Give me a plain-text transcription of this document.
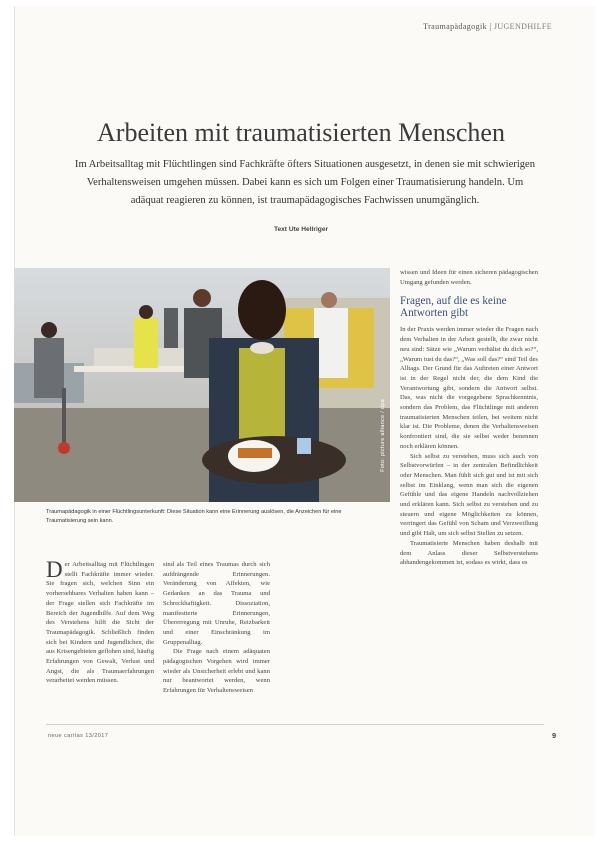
Traumapädagogik | JUGENDHILFE
Arbeiten mit traumatisierten Menschen
Im Arbeitsalltag mit Flüchtlingen sind Fachkräfte öfters Situationen ausgesetzt, in denen sie mit schwierigen Verhaltensweisen umgehen müssen. Dabei kann es sich um Folgen einer Traumatisierung handeln. Um adäquat reagieren zu können, ist traumapädagogisches Fachwissen unumgänglich.
Text Ute Hellriger
Foto: picture alliance / dpa
Traumapädagogik in einer Flüchtlingsunterkunft: Diese Situation kann eine Erinnerung auslösen, die Anzeichen für eine Traumatisierung sein kann.

Der Arbeitsalltag mit Flüchtlingen stellt Fachkräfte immer wieder. Sie fragen sich, welchen Sinn ein vorhersehbares Verhalten haben kann – der Frage stellen sich Fachkräfte im Bereich der Jugendhilfe. Auf dem Weg des Verstehens hilft die Sicht der Traumapädagogik. Schließlich finden sich bei Kindern und Jugendlichen, die aus Krisengebieten geflohen sind, häufig Erfahrungen von Gewalt, Verlust und Angst, die als Traumaerfahrungen verarbeitet werden müssen.

sind als Teil eines Traumas durch sich aufdrängende Erinnerungen. Veränderung von Affekten, wie Gedanken an das Trauma und Schreckhaftigkeit. Dissoziation, manifestierte Erinnerungen, Übererregung mit Unruhe, Reizbarkeit und einer Einschränkung im Gruppenalltag.

Die Frage nach einem adäquaten pädagogischen Vorgehen wird immer wieder als Unsicherheit erlebt und kann nur beantwortet werden, wenn Erfahrungen für Verhaltensweisen

wissen und Ideen für einen sicheren pädagogischen Umgang gefunden werden.

Fragen, auf die es keine Antworten gibt

In der Praxis werden immer wieder die Fragen nach dem Verhalten in der Arbeit gestellt, die zwar nicht neu sind: Sätze wie „Warum verhältst du dich so?“, „Warum tust du das?“, „Was soll das?“ sind Teil des Alltags. Der Grund für das Auftreten einer Antwort ist in der Regel nicht der, die dem Kind die Verantwortung gibt, sondern die Antwort selbst. Das, was nicht die vorgegebene Sprachkenntnis, sondern das Problem, das Flüchtlinge mit anderen traumatisierten Menschen teilen, bei weitem nicht klar ist. Die Probleme, denen die Verhaltensweisen konfrontiert sind, die sie selbst weder benennen noch erklären können.

Sich selbst zu verstehen, muss sich auch von Selbstvorwürfen – in der zentralen Befindlichkeit oder Menschen. Man fühlt sich gut und ist mit sich selbst im Einklang, wenn man sich die eigenen Gefühle und das eigene Handeln nachvollziehen und erklären kann. Sich selbst zu verstehen und zu steuern und eigene Möglichkeiten zu können, verringert das Gefühl von Scham und Verzweiflung und gibt Halt, um sich selbst Stellen zu setzen.

Traumatisierte Menschen haben deshalb mit dem Anlass dieser Selbstverstehens abhandengekommen ist, sodass es wirkt, dass es

neue caritas 13/2017	9
